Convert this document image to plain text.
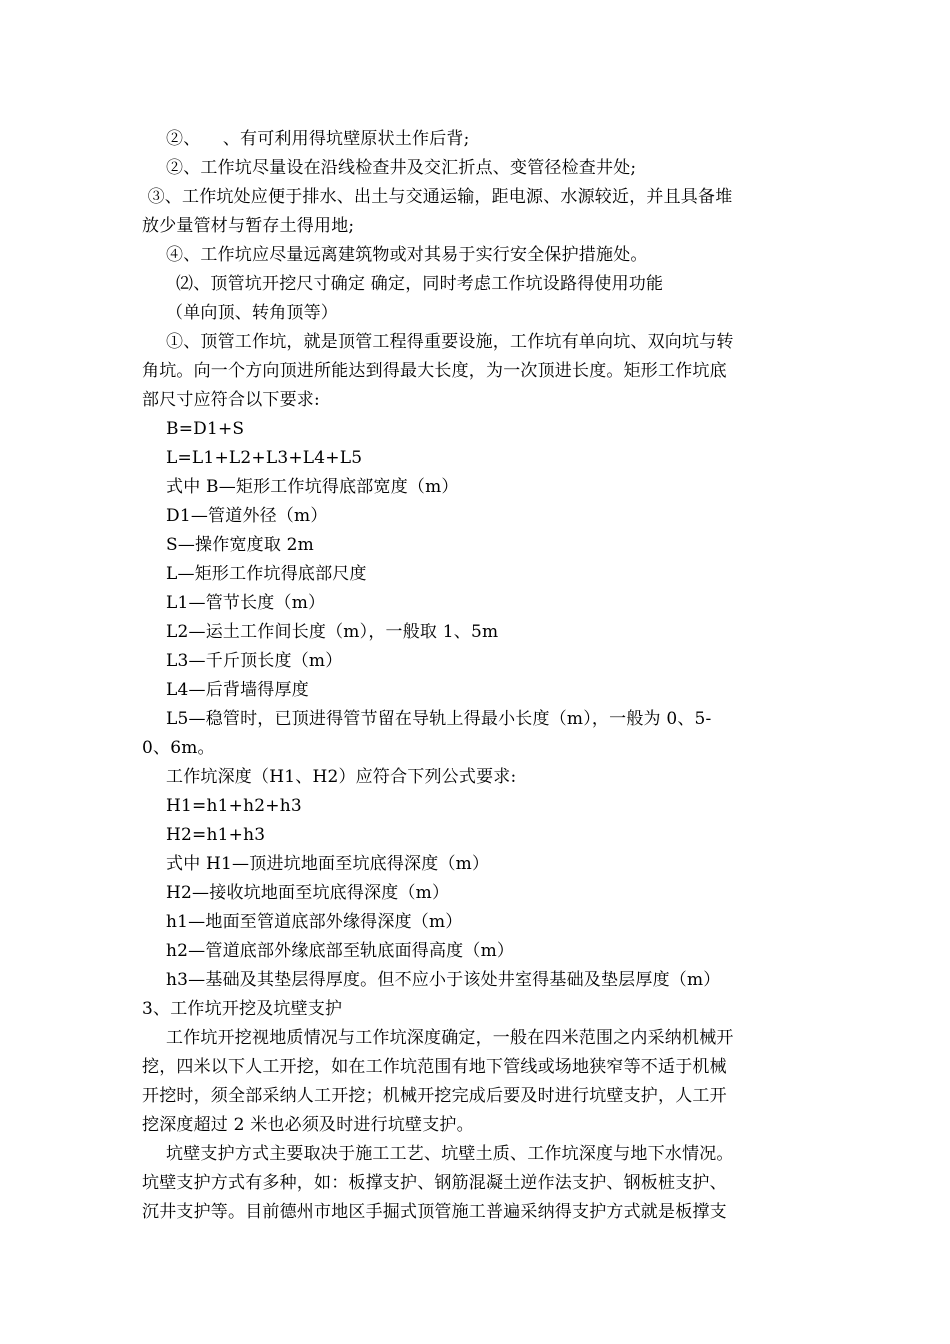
②、    、有可利用得坑壁原状土作后背;
②、工作坑尽量设在沿线检查井及交汇折点、变管径检查井处;
③、工作坑处应便于排水、出土与交通运输，距电源、水源较近，并且具备堆
放少量管材与暂存土得用地;
④、工作坑应尽量远离建筑物或对其易于实行安全保护措施处。
⑵、顶管坑开挖尺寸确定 确定，同时考虑工作坑设路得使用功能
（单向顶、转角顶等）
①、顶管工作坑，就是顶管工程得重要设施，工作坑有单向坑、双向坑与转
角坑。向一个方向顶进所能达到得最大长度，为一次顶进长度。矩形工作坑底
部尺寸应符合以下要求:
B=D1+S
L=L1+L2+L3+L4+L5
式中 B—矩形工作坑得底部宽度（m）
D1—管道外径（m）
S—操作宽度取 2m
L—矩形工作坑得底部尺度
L1—管节长度（m）
L2—运土工作间长度（m），一般取 1、5m
L3—千斤顶长度（m）
L4—后背墙得厚度
L5—稳管时，已顶进得管节留在导轨上得最小长度（m），一般为 0、5-
0、6m。
工作坑深度（H1、H2）应符合下列公式要求:
H1=h1+h2+h3
H2=h1+h3
式中 H1—顶进坑地面至坑底得深度（m）
H2—接收坑地面至坑底得深度（m）
h1—地面至管道底部外缘得深度（m）
h2—管道底部外缘底部至轨底面得高度（m）
h3—基础及其垫层得厚度。但不应小于该处井室得基础及垫层厚度（m）
3、工作坑开挖及坑壁支护
工作坑开挖视地质情况与工作坑深度确定，一般在四米范围之内采纳机械开
挖，四米以下人工开挖，如在工作坑范围有地下管线或场地狭窄等不适于机械
开挖时，须全部采纳人工开挖；机械开挖完成后要及时进行坑壁支护，人工开
挖深度超过 2 米也必须及时进行坑壁支护。
坑壁支护方式主要取决于施工工艺、坑壁土质、工作坑深度与地下水情况。
坑壁支护方式有多种，如：板撑支护、钢筋混凝土逆作法支护、钢板桩支护、
沉井支护等。目前德州市地区手掘式顶管施工普遍采纳得支护方式就是板撑支
